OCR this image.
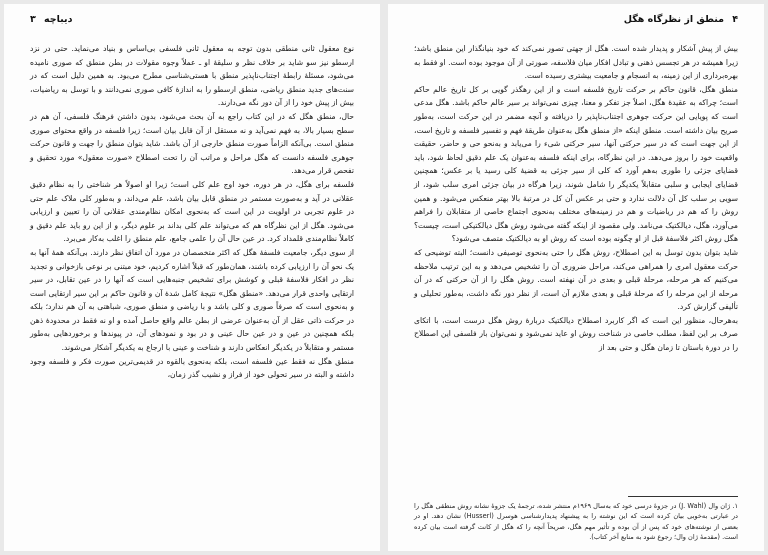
۴
منطق از نظرگاه هگل

بیش از پیش آشکار و پدیدار شده است. هگل از جهتی تصور نمی‌کند که خود بنیانگذار این منطق باشد؛ زیرا همیشه در هر تجسس ذهنی و تبادل افکار میان فلاسفه، صورتی از آن موجود بوده است. او فقط به بهره‌برداری از این زمینه، به انسجام و جامعیت بیشتری رسیده است.

منطق هگل، قانون حاکم بر حرکت تاریخ فلسفه است و از این رهگذر گویی بر کل تاریخ عالم حاکم است؛ چراکه به عقیدهٔ هگل، اصلاً جز تفکر و معنا، چیزی نمی‌تواند بر سیر عالم حاکم باشد. هگل مدعی است که پویایی این حرکت جوهری اجتناب‌ناپذیر را دریافته و آنچه مضمر در این حرکت است، به‌طور صریح بیان داشته است. منطق اینکه «از منطق هگل به‌عنوان طریقهٔ فهم و تفسیر فلسفه و تاریخ است، از این جهت است که در سیر حرکتی آنها، سیر حرکتی شیء را می‌یابد و به‌نحو حی و حاضر، حقیقت واقعیت خود را بروز می‌دهد. در این نظرگاه، برای اینکه فلسفه به‌عنوان یک علم دقیق لحاظ شود، باید قضایای جزئی را طوری به‌هم آورد که کلی از سیر جزئی به قضیهٔ کلی رسید یا بر عکس؛ همچنین قضایای ایجابی و سلبی متقابلاً یکدیگر را شامل شوند، زیرا هرگاه در بیان جزئی امری سلب شود، از سویی بر سلب کل آن دلالت ندارد و حتی بر عکس آن کل در مرتبهٔ بالا بهتر منعکس می‌شود. و همین روش را که هم در ریاضیات و هم در زمینه‌های مختلف به‌نحوی اجتماع خاصی از متقابلان را فراهم می‌آورد، هگل، دیالکتیک می‌نامد. ولی مقصود از اینکه گفته می‌شود روش هگل دیالکتیکی است، چیست؟ هگل روش اکثر فلاسفهٔ قبل از او چگونه بوده است که روش او به دیالکتیک متصف می‌شود؟

شاید بتوان بدون توسل به این اصطلاح، روش هگل را حتی به‌نحوی توصیفی دانست؛ البته توضیحی که حرکت معقول امری را همراهی می‌کند، مراحل ضروری آن را تشخیص می‌دهد و به این ترتیب ملاحظه می‌کنیم که هر مرحله، مرحلهٔ قبلی و بعدی در آن نهفته است. روش هگل را از آن حرکتی که در آن مرحله از این مرحله را که مرحلهٔ قبلی و بعدی ملازم آن است، از نظر دور نگه داشت، به‌طور تحلیلی و تألیفی گزارش کرد.

به‌هرحال، منظور این است که اگر کاربرد اصطلاح دیالکتیک دربارهٔ روش هگل درست است، با اتکای صرف بر این لفظ، مطلب خاصی در شناخت روش او عاید نمی‌شود و نمی‌توان بار فلسفی این اصطلاح را در دورهٔ باستان تا زمان هگل و حتی بعد از

١. ژان وال (J. Wahl) در جزوهٔ درسی خود که به‌سال ۱۹۶۹م منتشر شده، ترجمهٔ یک جزوهٔ نشانه روش منطقی هگل را در عبارتی به‌خوبی بیان کرده است که این نوشته را به پیشنهاد پدیدارشناسی هوسرل (Husserl) نشان دهد. او در بعضی از نوشته‌های خود که پس از آن بوده و تأثیر مهم هگل، صریحاً آنچه را که هگل از کانت گرفته است بیان کرده است. (مقدمهٔ ژان وال؛ رجوع شود به منابع آخر کتاب).
۳ دیباچه

نوع معقول ثانی منطقی بدون توجه به معقول ثانی فلسفی بی‌اساس و بنیاد می‌نماید. حتی در نزد ارسطو نیز سو شاید بر خلاف نظر و سلیقهٔ او ـ عملاً وجوه مقولات در بطن منطق که صوری نامیده می‌شود، مسئلهٔ رابطهٔ اجتناب‌ناپذیر منطق با هستی‌شناسی مطرح می‌بود. به همین دلیل است که در سنت‌های جدید منطق ریاضی، منطق ارسطو را به اندازهٔ کافی صوری نمی‌دانند و با توسل به ریاضیات، بیش از پیش خود را از آن دور نگه می‌دارند.

حال، منطق هگل که در این کتاب راجع به آن بحث می‌شود، بدون داشتن فرهنگ فلسفی، آن هم در سطح بسیار بالا، به فهم نمی‌آید و نه مستقل از آن قابل بیان است؛ زیرا فلسفه در واقع محتوای صوری منطق است. بی‌آنکه الزاماً صورت منطق خارجی از آن باشد. شاید بتوان منطق را جهت و قانون حرکت جوهری فلسفه دانست که هگل مراحل و مراتب آن را تحت اصطلاح «صورت معقول» مورد تحقیق و تفحص قرار می‌دهد.

فلسفه برای هگل، در هر دوره، خود اوج علم کلی است؛ زیرا او اصولاً هر شناختی را به نظام دقیق عقلانی در آید و به‌صورت مستمر در منطق قابل بیان باشد، علم می‌داند، و به‌طور کلی ملاک علم حتی در علوم تجربی در اولویت در این است که به‌نحوی امکان نظام‌مندی عقلانی آن را تعیین و ارزیابی می‌شود. هگل از این نظرگاه هم که می‌تواند علم کلی بداند بر علوم دیگر، و از این رو باید علم دقیق و کاملاً نظام‌مندی قلمداد کرد. در عین حال آن را علمی جامع، علم منطق را اغلب به‌کار می‌برد.

از سوی دیگر، جامعیت فلسفهٔ هگل که اکثر متخصصان در مورد آن اتفاق نظر دارند. بی‌آنکه همهٔ آنها به یک نحو آن را ارزیابی کرده باشند، همان‌طور که قبلاً اشاره کردیم، خود مبتنی بر نوعی بازخوانی و تجدید نظر در افکار فلاسفهٔ قبلی و کوشش برای تشخیص جنبه‌هایی است که آنها را در عین تقابل، در سیر ارتقایی واحدی قرار می‌دهد. «منطق هگل» نتیجهٔ کامل شدهٔ آن و قانون حاکم بر این سیر ارتقایی است و به‌نحوی است که صرفاً صوری و کلی باشد و با ریاضی و منطق صوری، شباهتی به آن هم ندارد؛ بلکه در حرکت ذاتی عقل از آن به‌عنوان عرضی از بطن عالم واقع حاصل آمده و او نه فقط در محدودهٔ ذهن بلکه همچنین در عین و در عین حال عینی و در بود و نمودهای آن، در پیوندها و برخوردهایی به‌طور مستمر و متقابلاً در یکدیگر انعکاس دارند و شناخت و عینی با ارجاع به یکدیگر آشکار می‌شوند.

منطق هگل نه فقط عین فلسفه است، بلکه به‌نحوی بالقوه در قدیمی‌ترین صورت فکر و فلسفه وجود داشته و البته در سیر تحولی خود از فراز و نشیب گذر زمان،
